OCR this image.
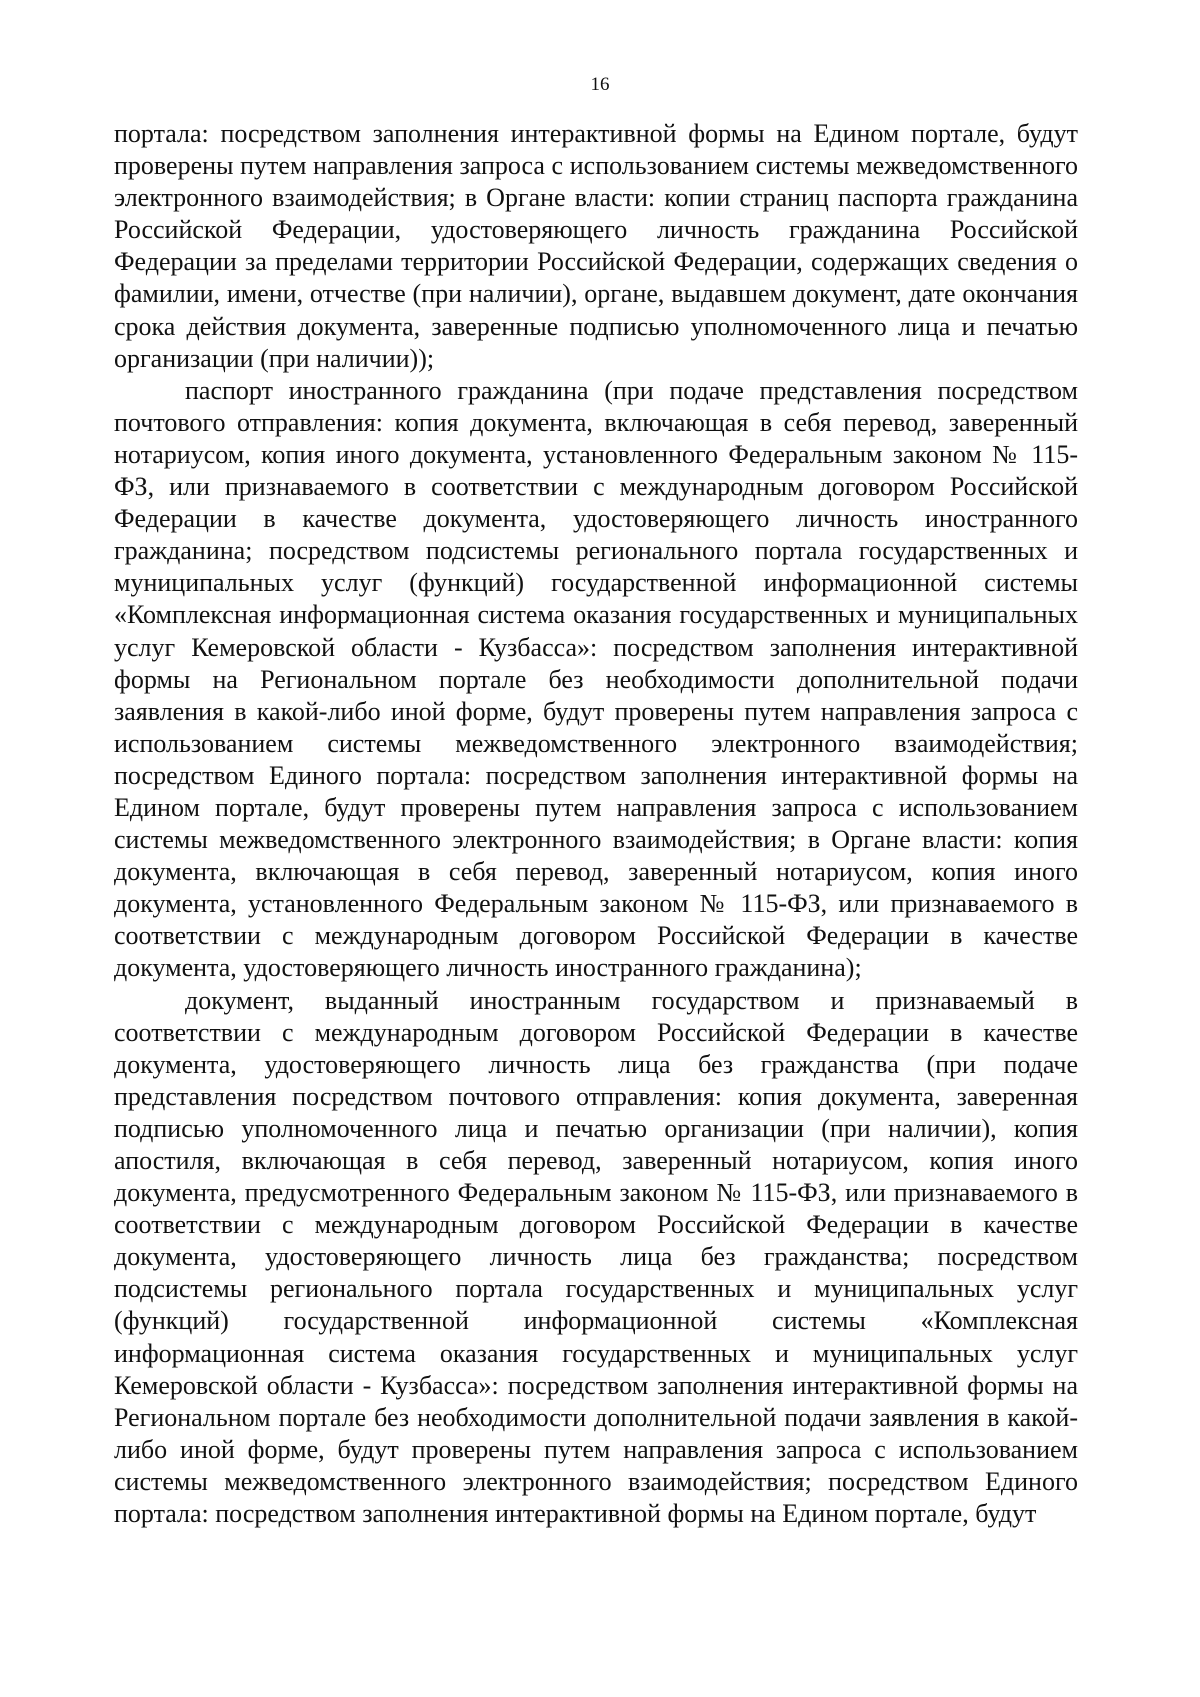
16

портала: посредством заполнения интерактивной формы на Едином портале, будут проверены путем направления запроса с использованием системы межведомственного электронного взаимодействия; в Органе власти: копии страниц паспорта гражданина Российской Федерации, удостоверяющего личность гражданина Российской Федерации за пределами территории Российской Федерации, содержащих сведения о фамилии, имени, отчестве (при наличии), органе, выдавшем документ, дате окончания срока действия документа, заверенные подписью уполномоченного лица и печатью организации (при наличии));

паспорт иностранного гражданина (при подаче представления посредством почтового отправления: копия документа, включающая в себя перевод, заверенный нотариусом, копия иного документа, установленного Федеральным законом № 115-ФЗ, или признаваемого в соответствии с международным договором Российской Федерации в качестве документа, удостоверяющего личность иностранного гражданина; посредством подсистемы регионального портала государственных и муниципальных услуг (функций) государственной информационной системы «Комплексная информационная система оказания государственных и муниципальных услуг Кемеровской области - Кузбасса»: посредством заполнения интерактивной формы на Региональном портале без необходимости дополнительной подачи заявления в какой-либо иной форме, будут проверены путем направления запроса с использованием системы межведомственного электронного взаимодействия; посредством Единого портала: посредством заполнения интерактивной формы на Едином портале, будут проверены путем направления запроса с использованием системы межведомственного электронного взаимодействия; в Органе власти: копия документа, включающая в себя перевод, заверенный нотариусом, копия иного документа, установленного Федеральным законом № 115-ФЗ, или признаваемого в соответствии с международным договором Российской Федерации в качестве документа, удостоверяющего личность иностранного гражданина);

документ, выданный иностранным государством и признаваемый в соответствии с международным договором Российской Федерации в качестве документа, удостоверяющего личность лица без гражданства (при подаче представления посредством почтового отправления: копия документа, заверенная подписью уполномоченного лица и печатью организации (при наличии), копия апостиля, включающая в себя перевод, заверенный нотариусом, копия иного документа, предусмотренного Федеральным законом № 115-ФЗ, или признаваемого в соответствии с международным договором Российской Федерации в качестве документа, удостоверяющего личность лица без гражданства; посредством подсистемы регионального портала государственных и муниципальных услуг (функций) государственной информационной системы «Комплексная информационная система оказания государственных и муниципальных услуг Кемеровской области - Кузбасса»: посредством заполнения интерактивной формы на Региональном портале без необходимости дополнительной подачи заявления в какой-либо иной форме, будут проверены путем направления запроса с использованием системы межведомственного электронного взаимодействия; посредством Единого портала: посредством заполнения интерактивной формы на Едином портале, будут
